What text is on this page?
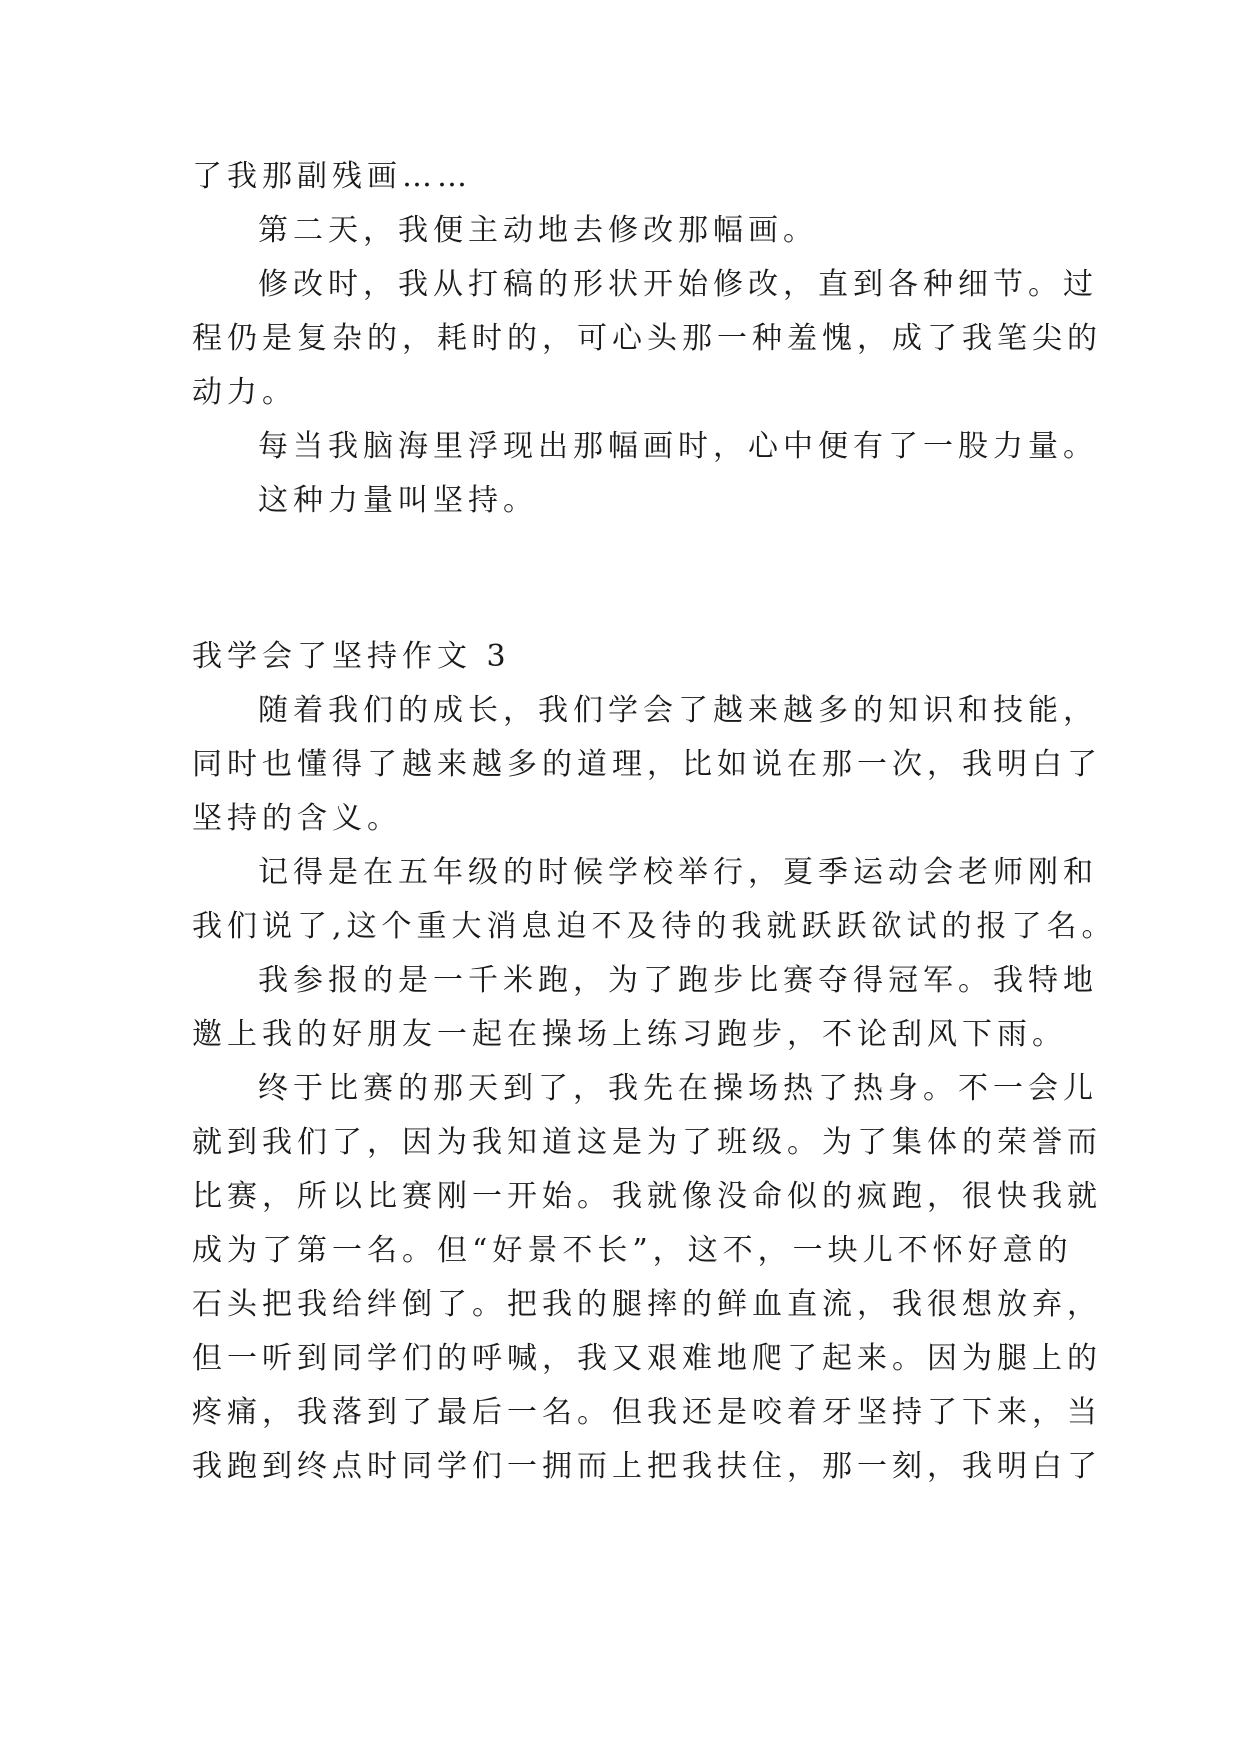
了我那副残画……
第二天，我便主动地去修改那幅画。
修改时，我从打稿的形状开始修改，直到各种细节。过
程仍是复杂的，耗时的，可心头那一种羞愧，成了我笔尖的
动力。
每当我脑海里浮现出那幅画时，心中便有了一股力量。
这种力量叫坚持。
我学会了坚持作文 3
随着我们的成长，我们学会了越来越多的知识和技能，
同时也懂得了越来越多的道理，比如说在那一次，我明白了
坚持的含义。
记得是在五年级的时候学校举行，夏季运动会老师刚和
我们说了,这个重大消息迫不及待的我就跃跃欲试的报了名。
我参报的是一千米跑，为了跑步比赛夺得冠军。我特地
邀上我的好朋友一起在操场上练习跑步，不论刮风下雨。
终于比赛的那天到了，我先在操场热了热身。不一会儿
就到我们了，因为我知道这是为了班级。为了集体的荣誉而
比赛，所以比赛刚一开始。我就像没命似的疯跑，很快我就
成为了第一名。但“好景不长”，这不，一块儿不怀好意的
石头把我给绊倒了。把我的腿摔的鲜血直流，我很想放弃，
但一听到同学们的呼喊，我又艰难地爬了起来。因为腿上的
疼痛，我落到了最后一名。但我还是咬着牙坚持了下来，当
我跑到终点时同学们一拥而上把我扶住，那一刻，我明白了
